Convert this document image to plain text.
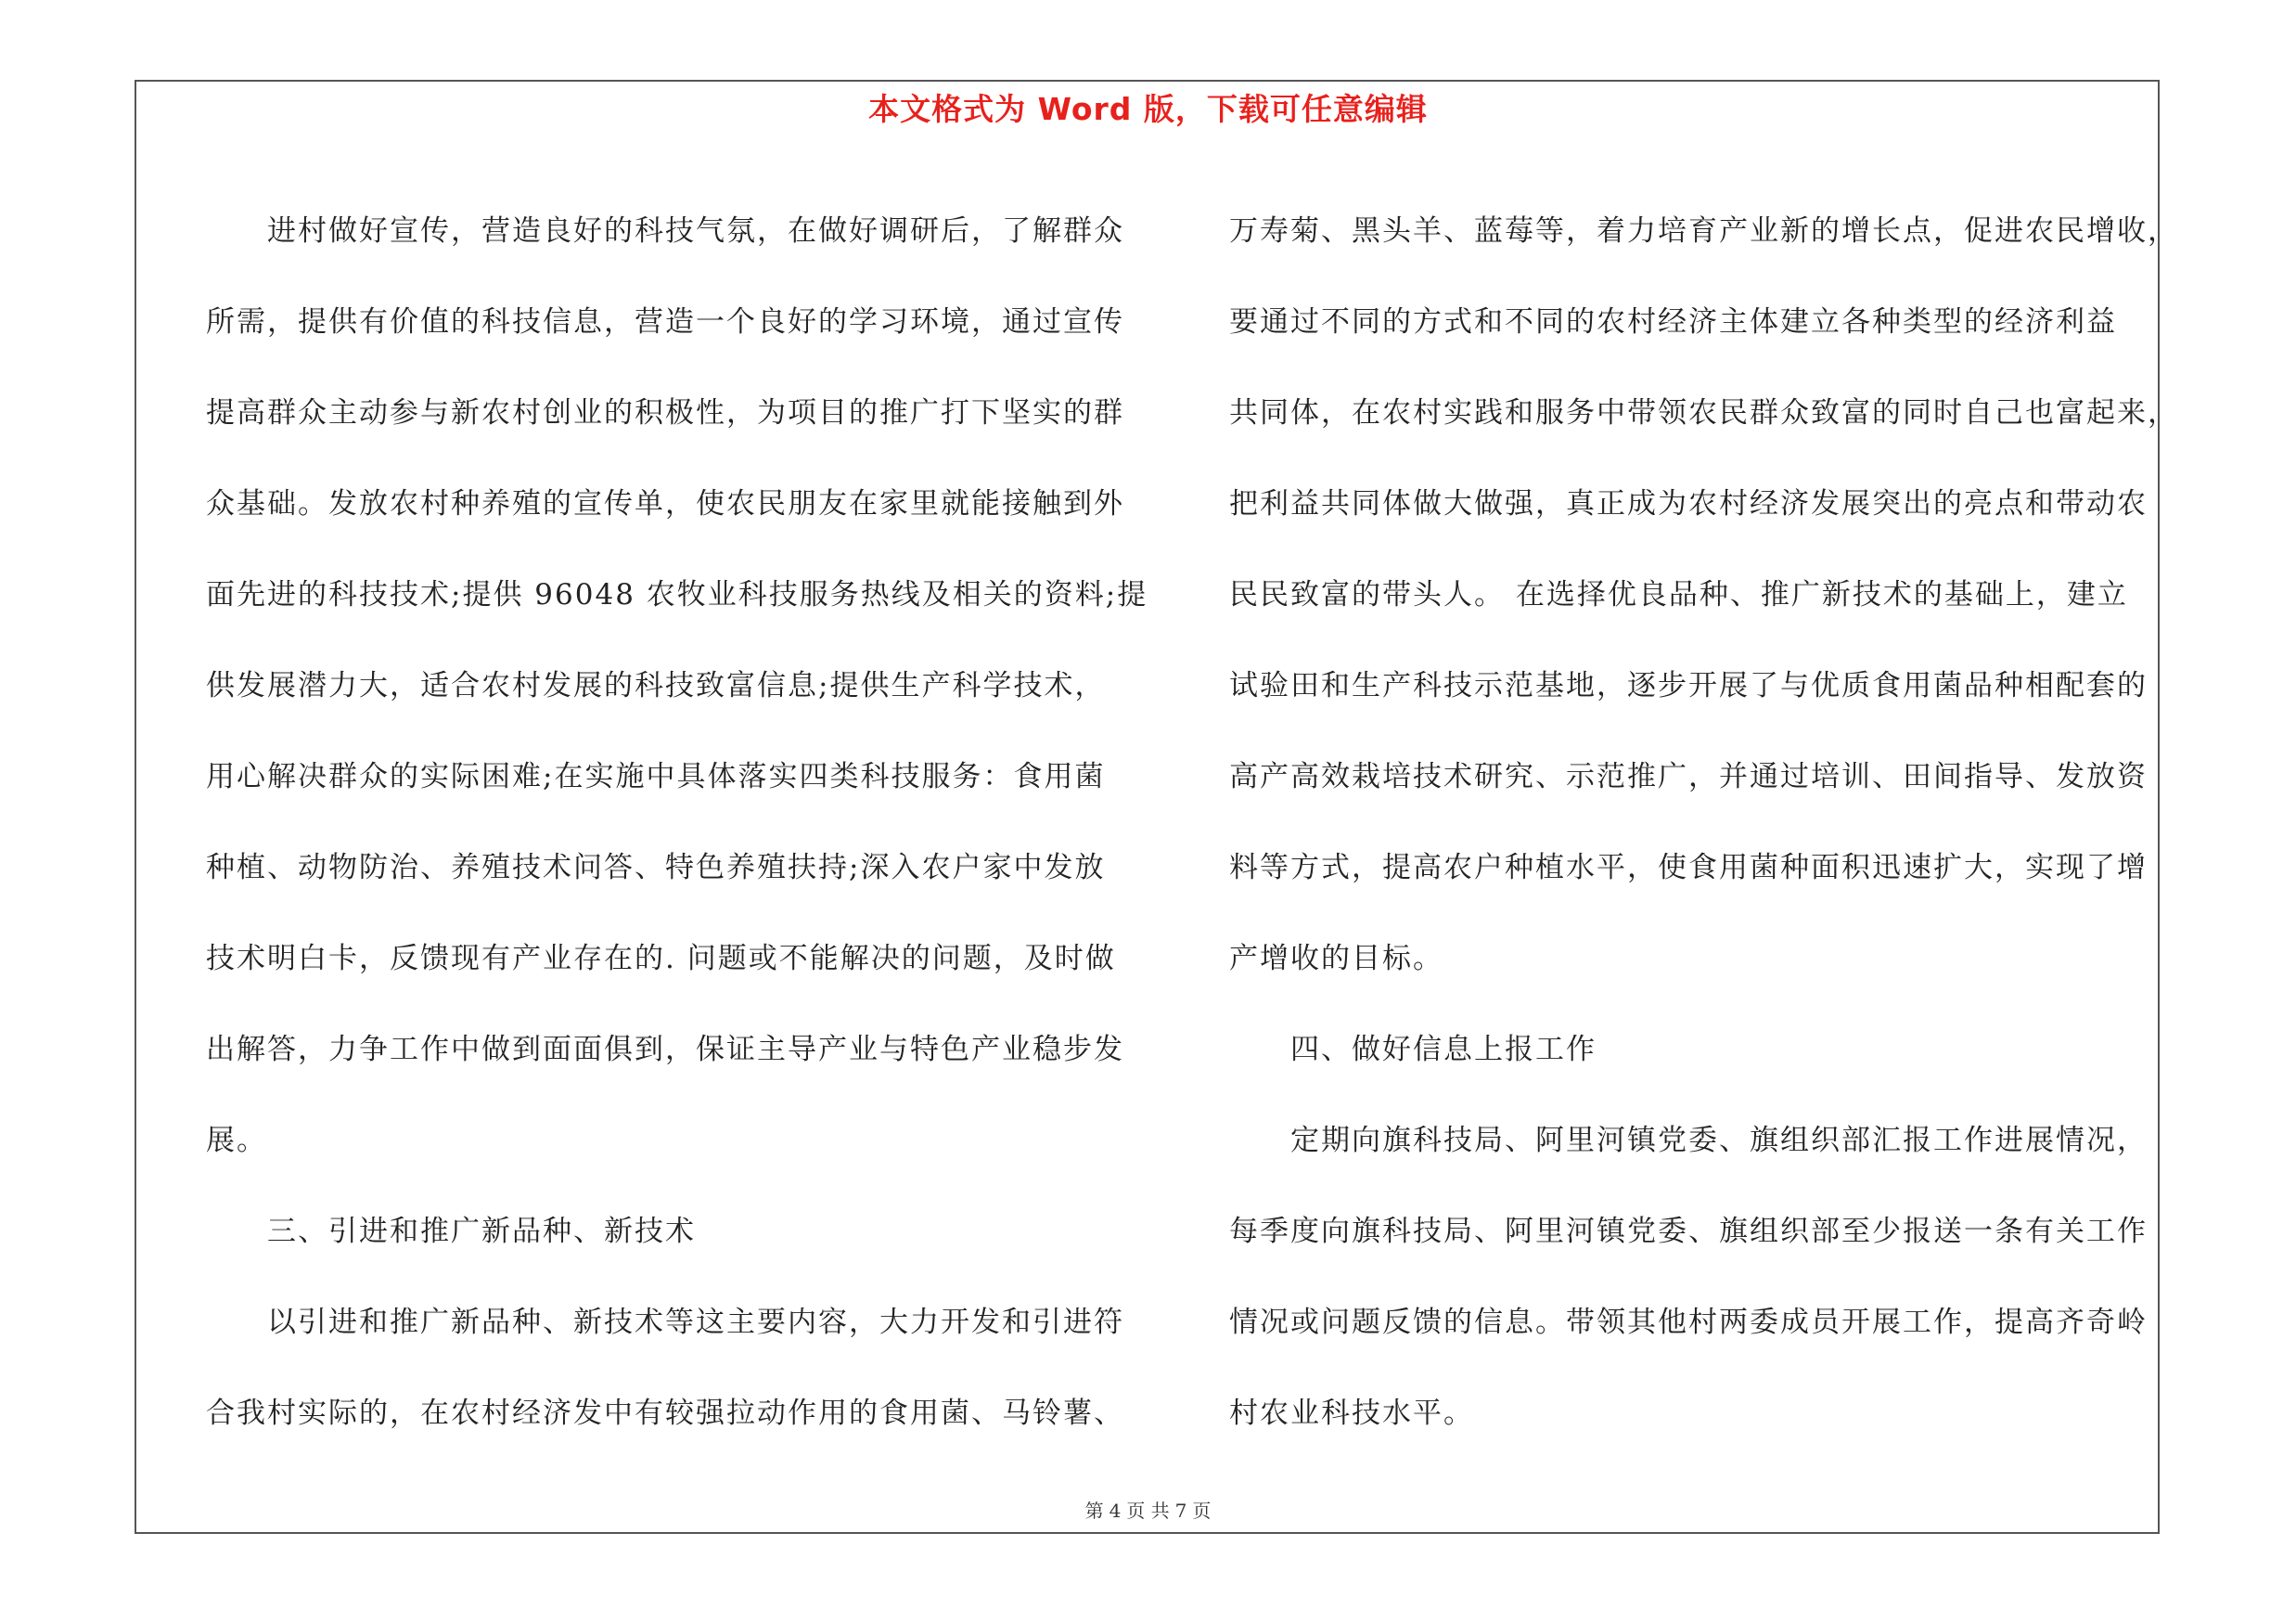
本文格式为 Word 版，下载可任意编辑
进村做好宣传，营造良好的科技气氛，在做好调研后，了解群众
所需，提供有价值的科技信息，营造一个良好的学习环境，通过宣传
提高群众主动参与新农村创业的积极性，为项目的推广打下坚实的群
众基础。发放农村种养殖的宣传单，使农民朋友在家里就能接触到外
面先进的科技技术;提供 96048 农牧业科技服务热线及相关的资料;提
供发展潜力大，适合农村发展的科技致富信息;提供生产科学技术，
用心解决群众的实际困难;在实施中具体落实四类科技服务：食用菌
种植、动物防治、养殖技术问答、特色养殖扶持;深入农户家中发放
技术明白卡，反馈现有产业存在的. 问题或不能解决的问题，及时做
出解答，力争工作中做到面面俱到，保证主导产业与特色产业稳步发
展。
三、引进和推广新品种、新技术
以引进和推广新品种、新技术等这主要内容，大力开发和引进符
合我村实际的，在农村经济发中有较强拉动作用的食用菌、马铃薯、
万寿菊、黑头羊、蓝莓等，着力培育产业新的增长点，促进农民增收，
要通过不同的方式和不同的农村经济主体建立各种类型的经济利益
共同体，在农村实践和服务中带领农民群众致富的同时自己也富起来，
把利益共同体做大做强，真正成为农村经济发展突出的亮点和带动农
民民致富的带头人。 在选择优良品种、推广新技术的基础上，建立
试验田和生产科技示范基地，逐步开展了与优质食用菌品种相配套的
高产高效栽培技术研究、示范推广，并通过培训、田间指导、发放资
料等方式，提高农户种植水平，使食用菌种面积迅速扩大，实现了增
产增收的目标。
四、做好信息上报工作
定期向旗科技局、阿里河镇党委、旗组织部汇报工作进展情况，
每季度向旗科技局、阿里河镇党委、旗组织部至少报送一条有关工作
情况或问题反馈的信息。带领其他村两委成员开展工作，提高齐奇岭
村农业科技水平。
第 4 页 共 7 页
